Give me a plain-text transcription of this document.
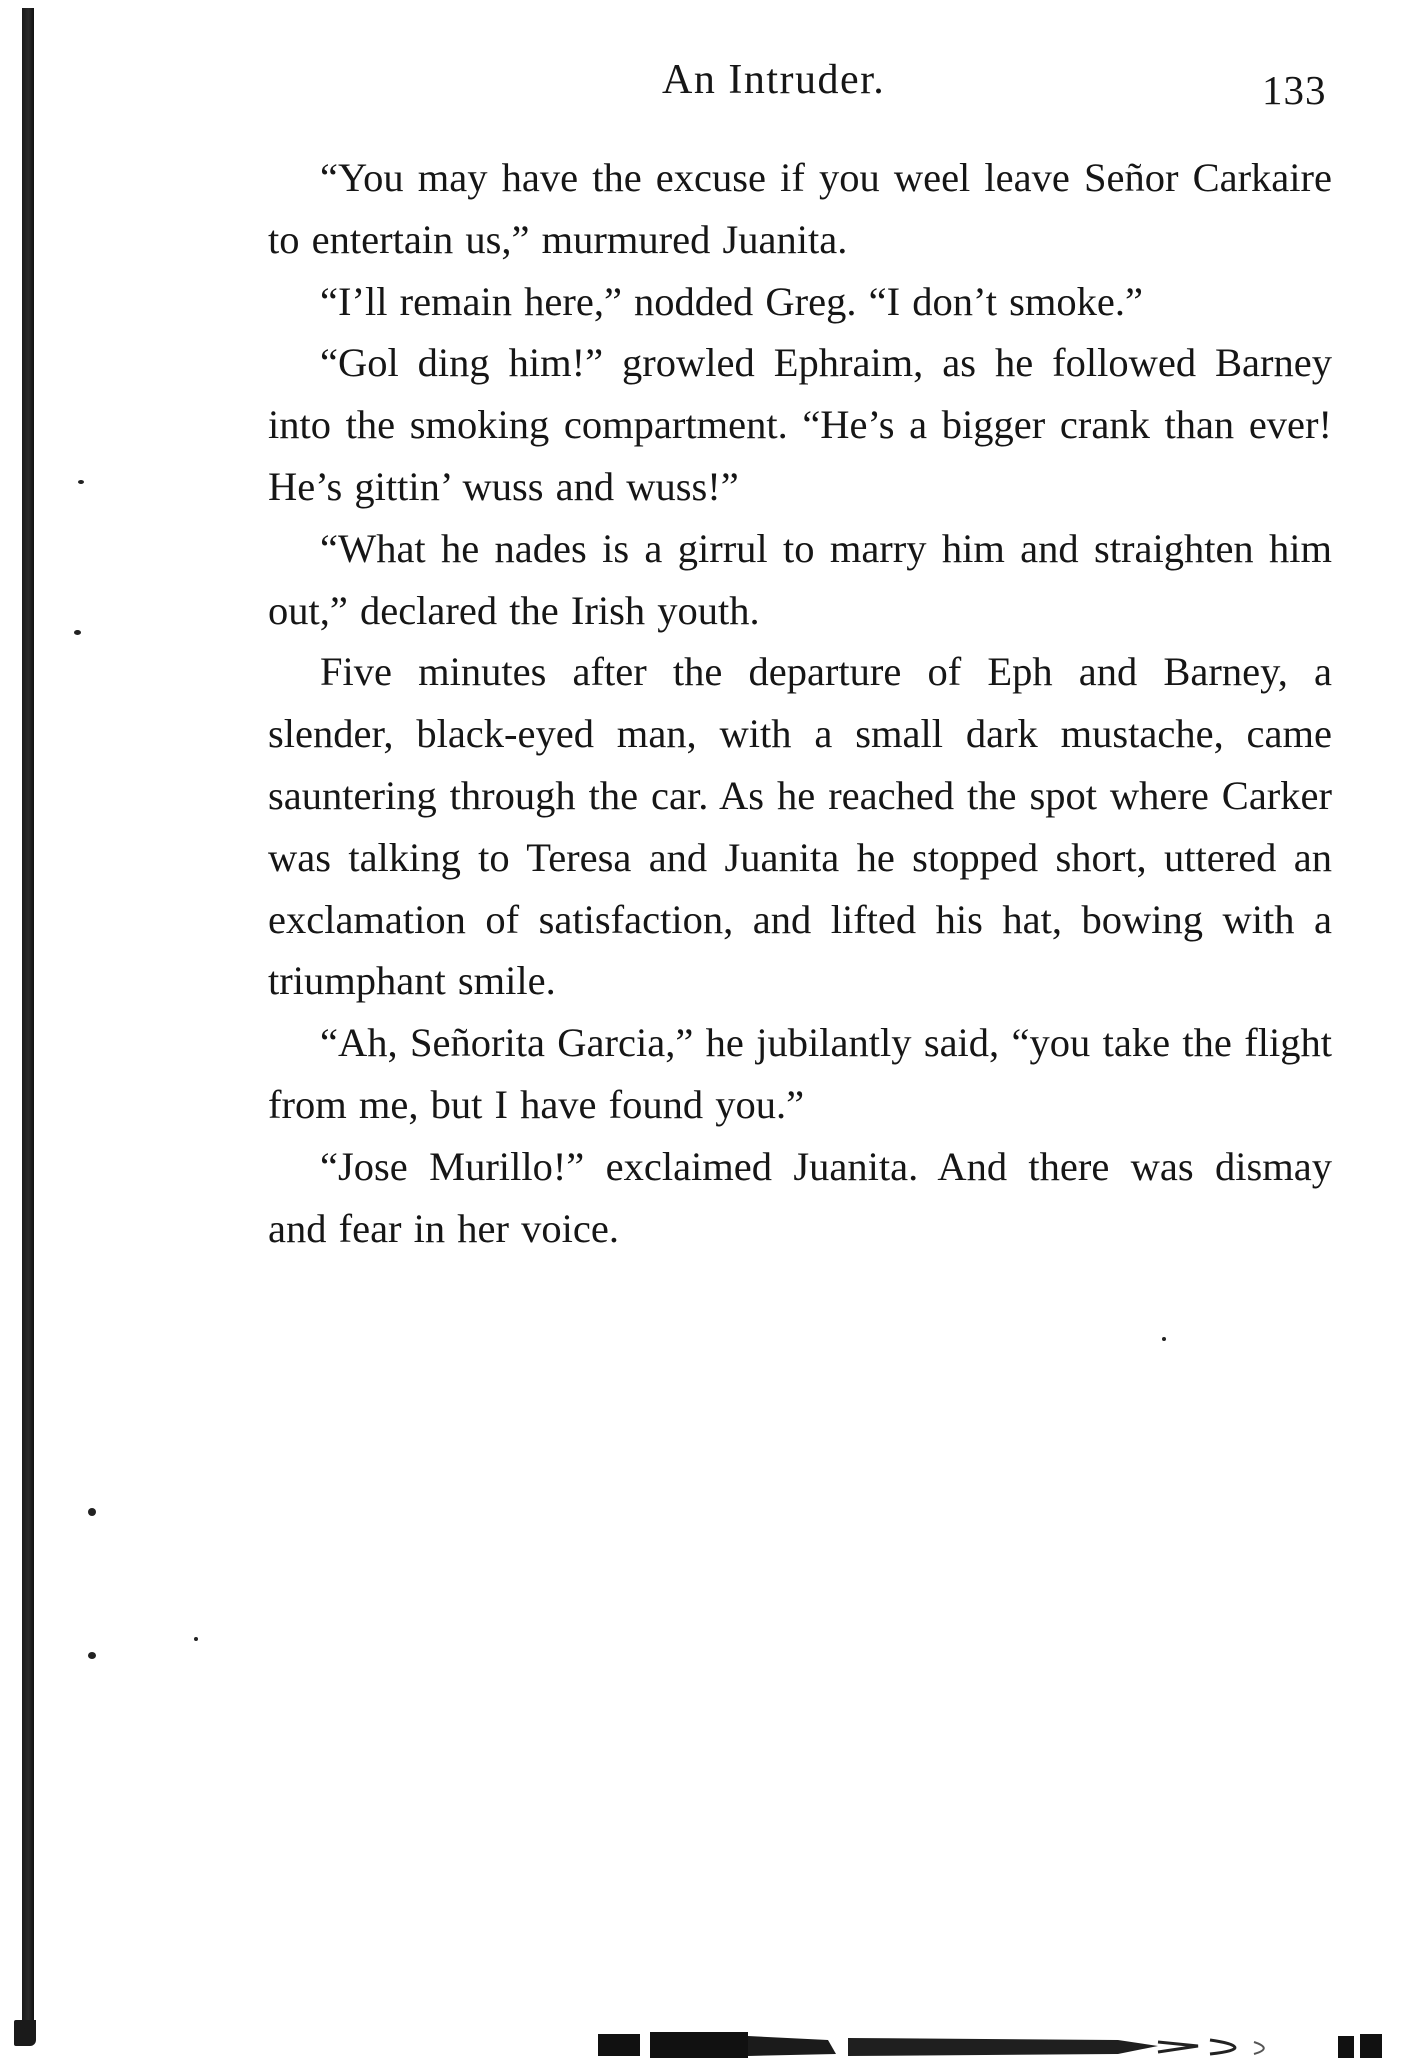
An Intruder.	133

“You may have the excuse if you weel leave Señor Carkaire to entertain us,” murmured Juanita.

“I’ll remain here,” nodded Greg. “I don’t smoke.”

“Gol ding him!” growled Ephraim, as he followed Barney into the smoking compartment. “He’s a bigger crank than ever! He’s gittin’ wuss and wuss!”

“What he nades is a girrul to marry him and straighten him out,” declared the Irish youth.

Five minutes after the departure of Eph and Barney, a slender, black-eyed man, with a small dark mustache, came sauntering through the car. As he reached the spot where Carker was talking to Teresa and Juanita he stopped short, uttered an exclamation of satisfaction, and lifted his hat, bowing with a triumphant smile.

“Ah, Señorita Garcia,” he jubilantly said, “you take the flight from me, but I have found you.”

“Jose Murillo!” exclaimed Juanita. And there was dismay and fear in her voice.
